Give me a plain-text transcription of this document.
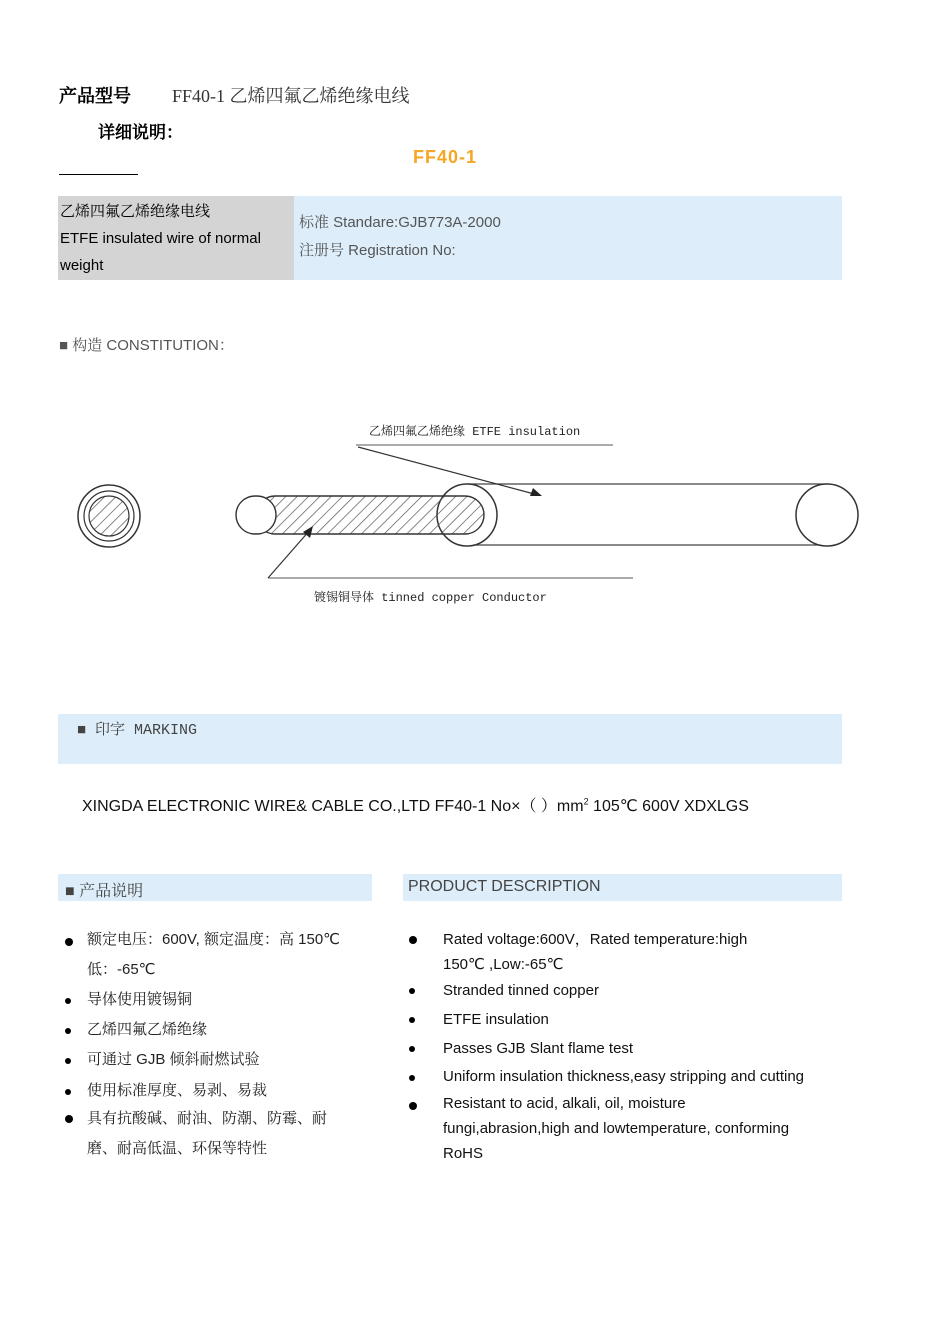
产品型号 FF40-1 乙烯四氟乙烯绝缘电线
详细说明：
FF40-1
乙烯四氟乙烯绝缘电线
ETFE insulated wire of normal
weight
标准 Standare:GJB773A-2000
注册号 Registration No:
■ 构造 CONSTITUTION：
乙烯四氟乙烯绝缘 ETFE insulation
镀锡铜导体 tinned copper Conductor
■ 印字 MARKING
XINGDA ELECTRONIC WIRE& CABLE CO.,LTD FF40-1 No×（ ）$mm^2$ 105℃ 600V XDXLGS
■ 产品说明	PRODUCT DESCRIPTION
额定电压：600V, 额定温度：高 150℃
低：-65℃
导体使用镀锡铜
乙烯四氟乙烯绝缘
可通过 GJB 倾斜耐燃试验
使用标准厚度、易剥、易裁
具有抗酸碱、耐油、防潮、防霉、耐
磨、耐高低温、环保等特性
Rated voltage:600V，Rated temperature:high
150℃ ,Low:-65℃
Stranded tinned copper
ETFE insulation
Passes GJB Slant flame test
Uniform insulation thickness,easy stripping and cutting
Resistant to acid, alkali, oil, moisture
fungi,abrasion,high and lowtemperature, conforming
RoHS
